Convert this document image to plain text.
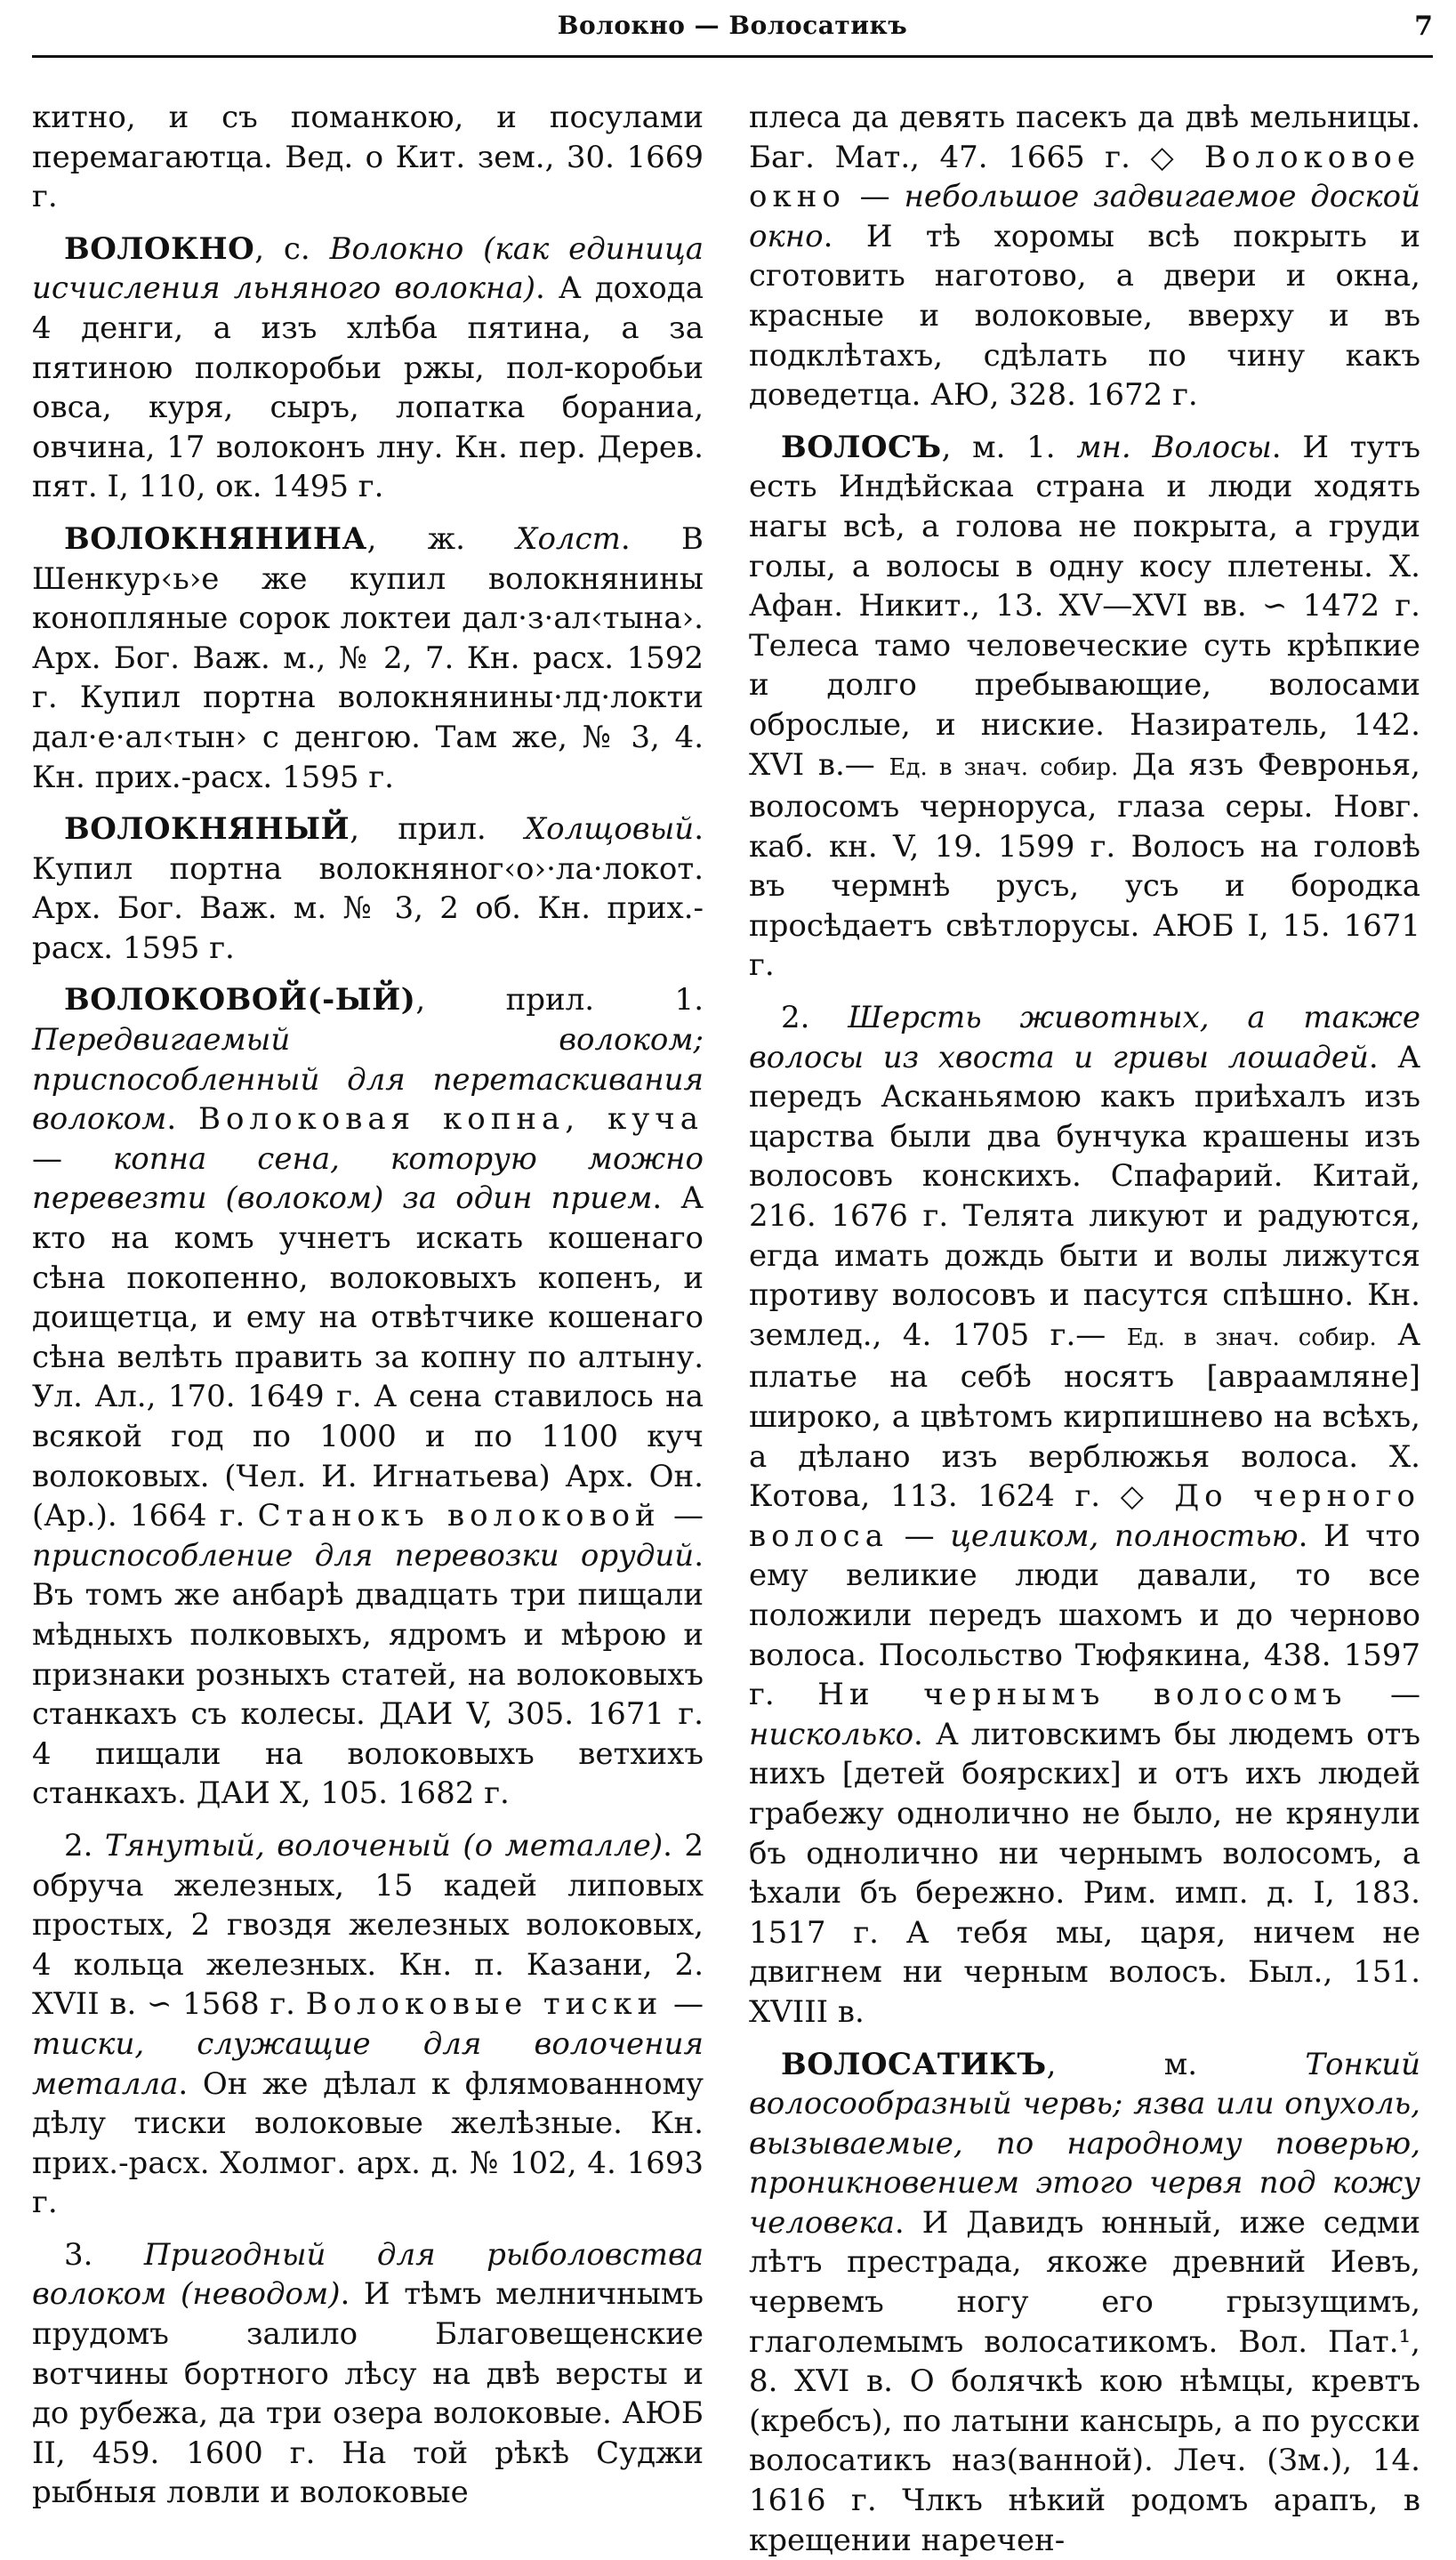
Волокно — Волосатикъ	7

китно, и съ поманкою, и посулами перемагаютца. Вед. о Кит. зем., 30. 1669 г.

ВОЛОКНО, с. Волокно (как единица исчисления льняного волокна). А дохода 4 денги, а изъ хлѣба пятина, а за пятиною полкоробьи ржы, пол-коробьи овса, куря, сыръ, лопатка бораниа, овчина, 17 волоконъ лну. Кн. пер. Дерев. пят. I, 110, ок. 1495 г.

ВОЛОКНЯНИНА, ж. Холст. В Шенкур‹ь›е же купил волокнянины конопляные сорок локтеи дал·з·ал‹тына›. Арх. Бог. Важ. м., № 2, 7. Кн. расх. 1592 г. Купил портна волокнянины·лд·локти дал·е·ал‹тын› с денгою. Там же, № 3, 4. Кн. прих.-расх. 1595 г.

ВОЛОКНЯНЫЙ, прил. Холщовый. Купил портна волокняног‹о›·ла·локот. Арх. Бог. Важ. м. № 3, 2 об. Кн. прих.-расх. 1595 г.

ВОЛОКОВОЙ(-ЫЙ), прил. 1. Передвигаемый волоком; приспособленный для перетаскивания волоком. Волоковая копна, куча — копна сена, которую можно перевезти (волоком) за один прием. А кто на комъ учнетъ искать кошенаго сѣна покопенно, волоковыхъ копенъ, и доищетца, и ему на отвѣтчике кошенаго сѣна велѣть править за копну по алтыну. Ул. Ал., 170. 1649 г. А сена ставилось на всякой год по 1000 и по 1100 куч волоковых. (Чел. И. Игнатьева) Арх. Он. (Ар.). 1664 г. Станокъ волоковой — приспособление для перевозки орудий. Въ томъ же анбарѣ двадцать три пищали мѣдныхъ полковыхъ, ядромъ и мѣрою и признаки розныхъ статей, на волоковыхъ станкахъ съ колесы. ДАИ V, 305. 1671 г. 4 пищали на волоковыхъ ветхихъ станкахъ. ДАИ X, 105. 1682 г.

2. Тянутый, волоченый (о металле). 2 обруча железных, 15 кадей липовых простых, 2 гвоздя железных волоковых, 4 кольца железных. Кн. п. Казани, 2. XVII в. ∽ 1568 г. Волоковые тиски — тиски, служащие для волочения металла. Он же дѣлал к флямованному дѣлу тиски волоковые желѣзные. Кн. прих.-расх. Холмог. арх. д. № 102, 4. 1693 г.

3. Пригодный для рыболовства волоком (неводом). И тѣмъ мелничнымъ прудомъ залило Благовещенские вотчины бортного лѣсу на двѣ версты и до рубежа, да три озера волоковые. АЮБ II, 459. 1600 г. На той рѣкѣ Суджи рыбныя ловли и волоковые

плеса да девять пасекъ да двѣ мельницы. Баг. Мат., 47. 1665 г. ◇ Волоковое окно — небольшое задвигаемое доской окно. И тѣ хоромы всѣ покрыть и сготовить наготово, а двери и окна, красные и волоковые, вверху и въ подклѣтахъ, сдѣлать по чину какъ доведетца. АЮ, 328. 1672 г.

ВОЛОСЪ, м. 1. мн. Волосы. И тутъ есть Индѣйскаа страна и люди ходять нагы всѣ, а голова не покрыта, а груди голы, а волосы в одну косу плетены. Х. Афан. Никит., 13. XV—XVI вв. ∽ 1472 г. Телеса тамо человеческие суть крѣпкие и долго пребывающие, волосами оброслые, и ниские. Назиратель, 142. XVI в.— Ед. в знач. собир. Да язъ Февронья, волосомъ черноруса, глаза серы. Новг. каб. кн. V, 19. 1599 г. Волосъ на головѣ въ чермнѣ русъ, усъ и бородка просѣдаетъ свѣтлорусы. АЮБ I, 15. 1671 г.

2. Шерсть животных, а также волосы из хвоста и гривы лошадей. А передъ Асканьямою какъ приѣхалъ изъ царства были два бунчука крашены изъ волосовъ конскихъ. Спафарий. Китай, 216. 1676 г. Телята ликуют и радуются, егда имать дождь быти и волы лижутся противу волосовъ и пасутся спѣшно. Кн. землед., 4. 1705 г.— Ед. в знач. собир. А платье на себѣ носятъ [авраамляне] широко, а цвѣтомъ кирпишнево на всѣхъ, а дѣлано изъ верблюжья волоса. Х. Котова, 113. 1624 г. ◇ До черного волоса — целиком, полностью. И что ему великие люди давали, то все положили передъ шахомъ и до черново волоса. Посольство Тюфякина, 438. 1597 г. Ни чернымъ волосомъ — нисколько. А литовскимъ бы людемъ отъ нихъ [детей боярских] и отъ ихъ людей грабежу однолично не было, не крянули бъ однолично ни чернымъ волосомъ, а ѣхали бъ бережно. Рим. имп. д. I, 183. 1517 г. А тебя мы, царя, ничем не двигнем ни черным волосъ. Был., 151. XVIII в.

ВОЛОСАТИКЪ, м. Тонкий волосообразный червь; язва или опухоль, вызываемые, по народному поверью, проникновением этого червя под кожу человека. И Давидъ юнный, иже седми лѣтъ престрада, якоже древний Иевъ, червемъ ногу его грызущимъ, глаголемымъ волосатикомъ. Вол. Пат.¹, 8. XVI в. О болячкѣ кою нѣмцы, кревтъ (кребсъ), по латыни кансырь, а по русски волосатикъ наз(ванной). Леч. (Зм.), 14. 1616 г. Члкъ нѣкий родомъ арапъ, в крещении наречен-
